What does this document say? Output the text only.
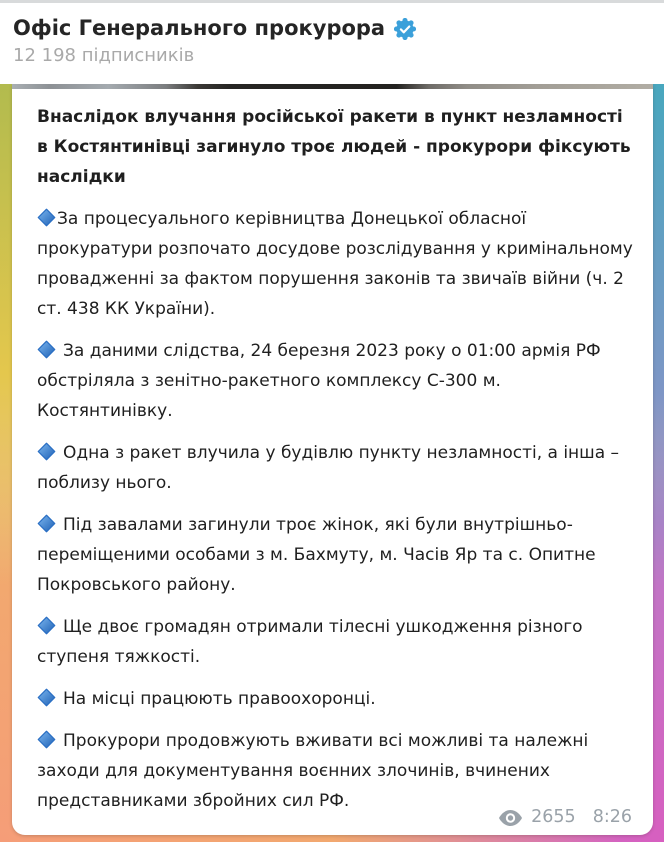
Офіс Генерального прокурора
12 198 підписників

Внаслідок влучання російської ракети в пункт незламності в Костянтинівці загинуло троє людей - прокурори фіксують наслідки

За процесуального керівництва Донецької обласної прокуратури розпочато досудове розслідування у кримінальному провадженні за фактом порушення законів та звичаїв війни (ч. 2 ст. 438 КК України).

За даними слідства, 24 березня 2023 року о 01:00 армія РФ обстріляла з зенітно-ракетного комплексу С-300 м. Костянтинівку.

Одна з ракет влучила у будівлю пункту незламності, а інша – поблизу нього.

Під завалами загинули троє жінок, які були внутрішньо-переміщеними особами з м. Бахмуту, м. Часів Яр та с. Опитне Покровського району.

Ще двоє громадян отримали тілесні ушкодження різного ступеня тяжкості.

На місці працюють правоохоронці.

Прокурори продовжують вживати всі можливі та належні заходи для документування воєнних злочинів, вчинених представниками збройних сил РФ.

2655 8:26
